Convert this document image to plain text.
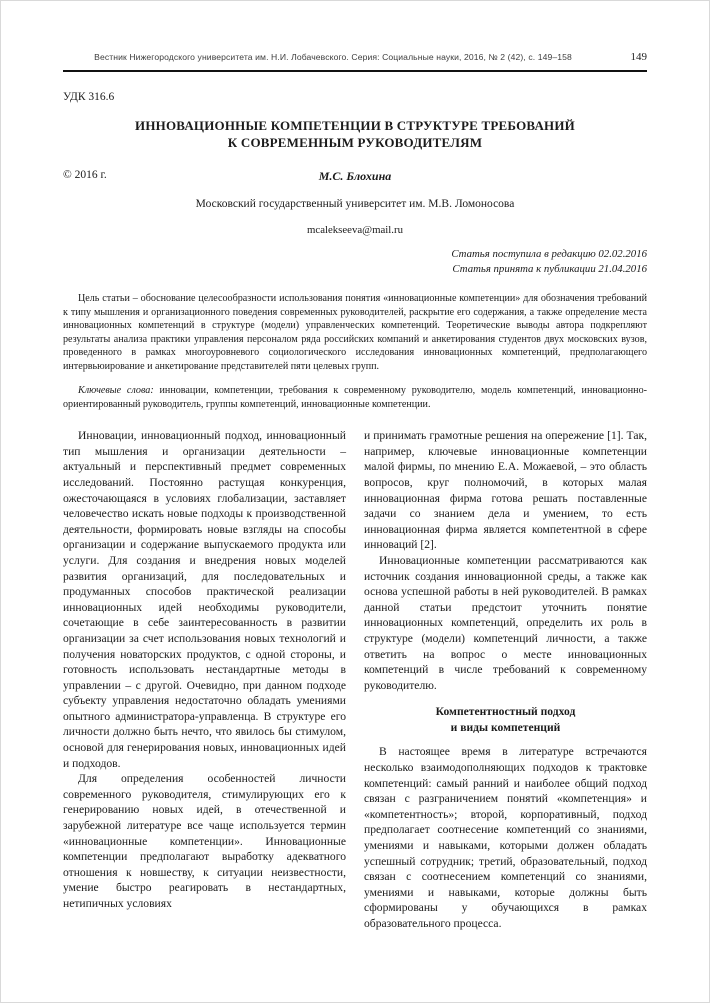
Вестник Нижегородского университета им. Н.И. Лобачевского. Серия: Социальные науки, 2016, № 2 (42), с. 149–158	149
УДК 316.6
ИННОВАЦИОННЫЕ КОМПЕТЕНЦИИ В СТРУКТУРЕ ТРЕБОВАНИЙ
К СОВРЕМЕННЫМ РУКОВОДИТЕЛЯМ
© 2016 г.	М.С. Блохина
Московский государственный университет им. М.В. Ломоносова
mcalekseeva@mail.ru
Статья поступила в редакцию 02.02.2016
Статья принята к публикации 21.04.2016
Цель статьи – обоснование целесообразности использования понятия «инновационные компетенции» для обозначения требований к типу мышления и организационного поведения современных руководителей, раскрытие его содержания, а также определение места инновационных компетенций в структуре (модели) управленческих компетенций. Теоретические выводы автора подкрепляют результаты анализа практики управления персоналом ряда российских компаний и анкетирования студентов двух московских вузов, проведенного в рамках многоуровневого социологического исследования инновационных компетенций, предполагающего интервьюирование и анкетирование представителей пяти целевых групп.
Ключевые слова: инновации, компетенции, требования к современному руководителю, модель компетенций, инновационно-ориентированный руководитель, группы компетенций, инновационные компетенции.

Инновации, инновационный подход, инновационный тип мышления и организации деятельности – актуальный и перспективный предмет современных исследований. Постоянно растущая конкуренция, ожесточающаяся в условиях глобализации, заставляет человечество искать новые подходы к производственной деятельности, формировать новые взгляды на способы организации и содержание выпускаемого продукта или услуги. Для создания и внедрения новых моделей развития организаций, для последовательных и продуманных способов практической реализации инновационных идей необходимы руководители, сочетающие в себе заинтересованность в развитии организации за счет использования новых технологий и получения новаторских продуктов, с одной стороны, и готовность использовать нестандартные методы в управлении – с другой. Очевидно, при данном подходе субъекту управления недостаточно обладать умениями опытного администратора-управленца. В структуре его личности должно быть нечто, что явилось бы стимулом, основой для генерирования новых, инновационных идей и подходов.

Для определения особенностей личности современного руководителя, стимулирующих его к генерированию новых идей, в отечественной и зарубежной литературе все чаще используется термин «инновационные компетенции». Инновационные компетенции предполагают выработку адекватного отношения к новшеству, к ситуации неизвестности, умение быстро реагировать в нестандартных, нетипичных условиях

и принимать грамотные решения на опережение [1]. Так, например, ключевые инновационные компетенции малой фирмы, по мнению Е.А. Можаевой, – это область вопросов, круг полномочий, в которых малая инновационная фирма готова решать поставленные задачи со знанием дела и умением, то есть инновационная фирма является компетентной в сфере инноваций [2].

Инновационные компетенции рассматриваются как источник создания инновационной среды, а также как основа успешной работы в ней руководителей. В рамках данной статьи предстоит уточнить понятие инновационных компетенций, определить их роль в структуре (модели) компетенций личности, а также ответить на вопрос о месте инновационных компетенций в числе требований к современному руководителю.

Компетентностный подход
и виды компетенций

В настоящее время в литературе встречаются несколько взаимодополняющих подходов к трактовке компетенций: самый ранний и наиболее общий подход связан с разграничением понятий «компетенция» и «компетентность»; второй, корпоративный, подход предполагает соотнесение компетенций со знаниями, умениями и навыками, которыми должен обладать успешный сотрудник; третий, образовательный, подход связан с соотнесением компетенций со знаниями, умениями и навыками, которые должны быть сформированы у обучающихся в рамках образовательного процесса.
